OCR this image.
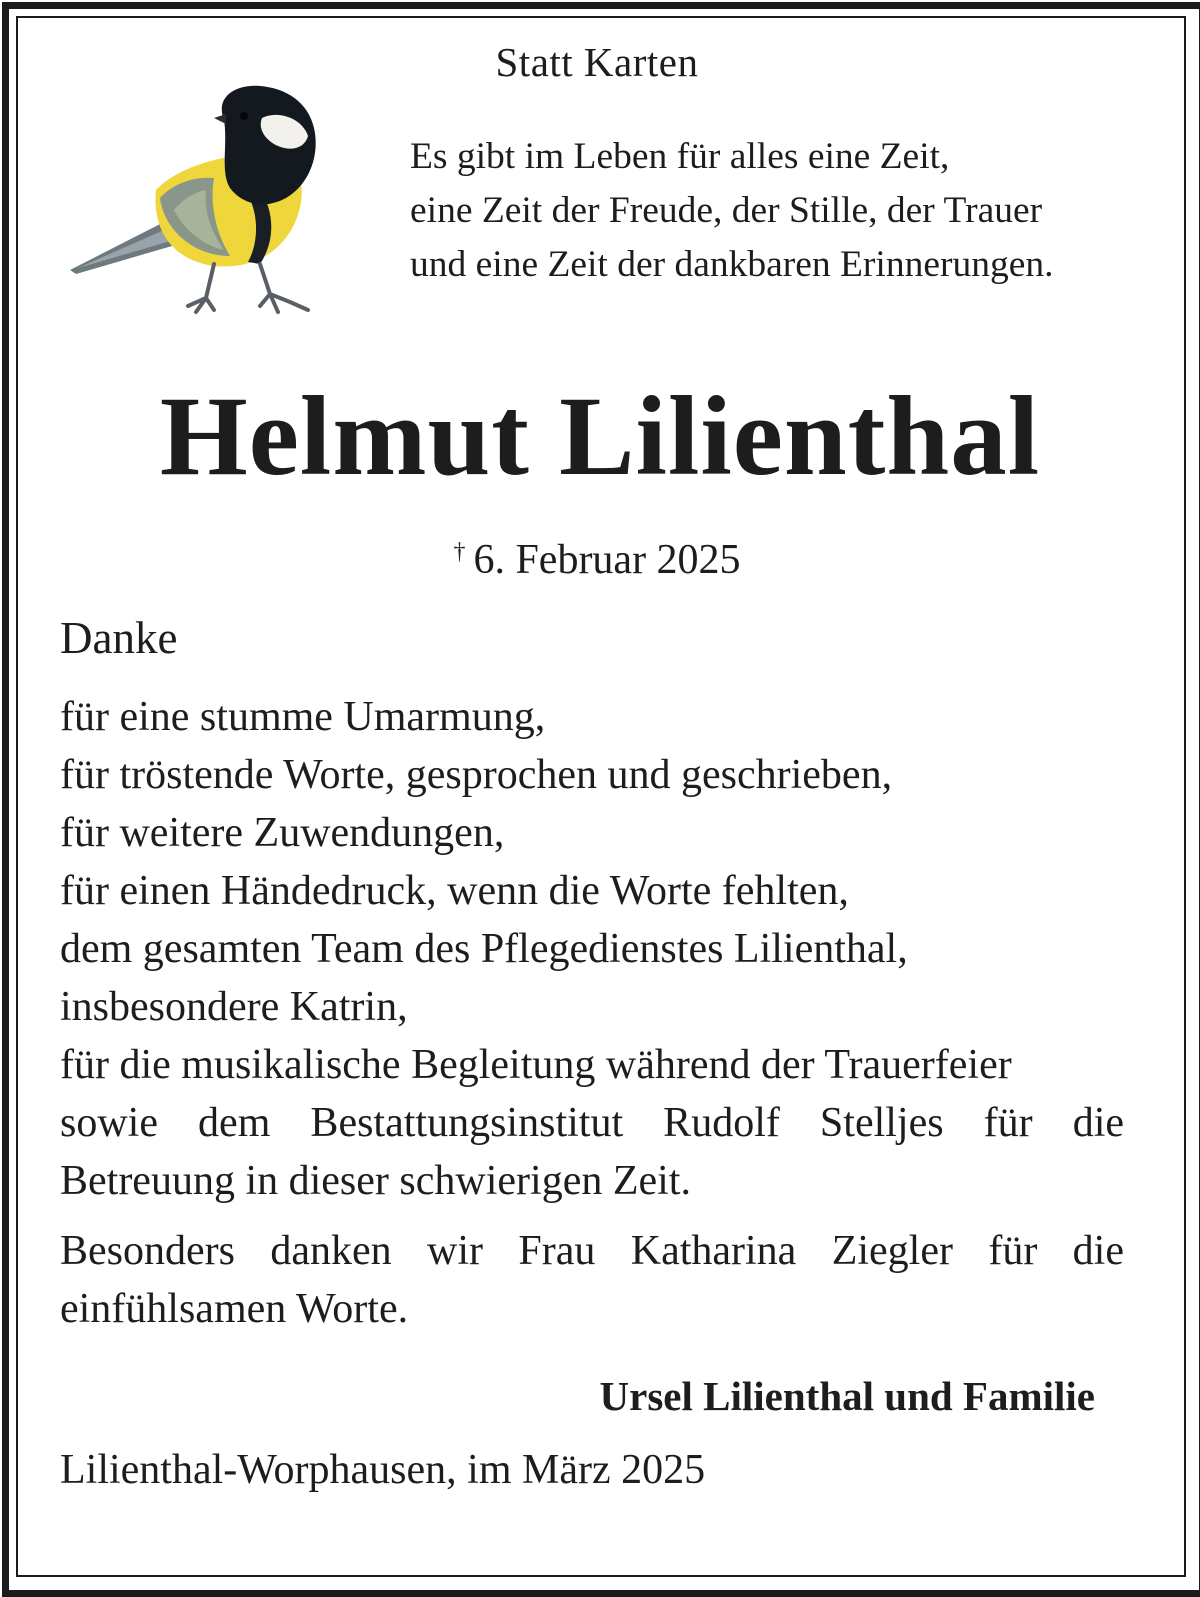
Statt Karten
Es gibt im Leben für alles eine Zeit,
eine Zeit der Freude, der Stille, der Trauer
und eine Zeit der dankbaren Erinnerungen.
Helmut Lilienthal
† 6. Februar 2025
Danke
für eine stumme Umarmung,
für tröstende Worte, gesprochen und geschrieben,
für weitere Zuwendungen,
für einen Händedruck, wenn die Worte fehlten,
dem gesamten Team des Pflegedienstes Lilienthal,
insbesondere Katrin,
für die musikalische Begleitung während der Trauerfeier
sowie dem Bestattungsinstitut Rudolf Stelljes für die
Betreuung in dieser schwierigen Zeit.
Besonders danken wir Frau Katharina Ziegler für die
einfühlsamen Worte.
Ursel Lilienthal und Familie
Lilienthal-Worphausen, im März 2025
